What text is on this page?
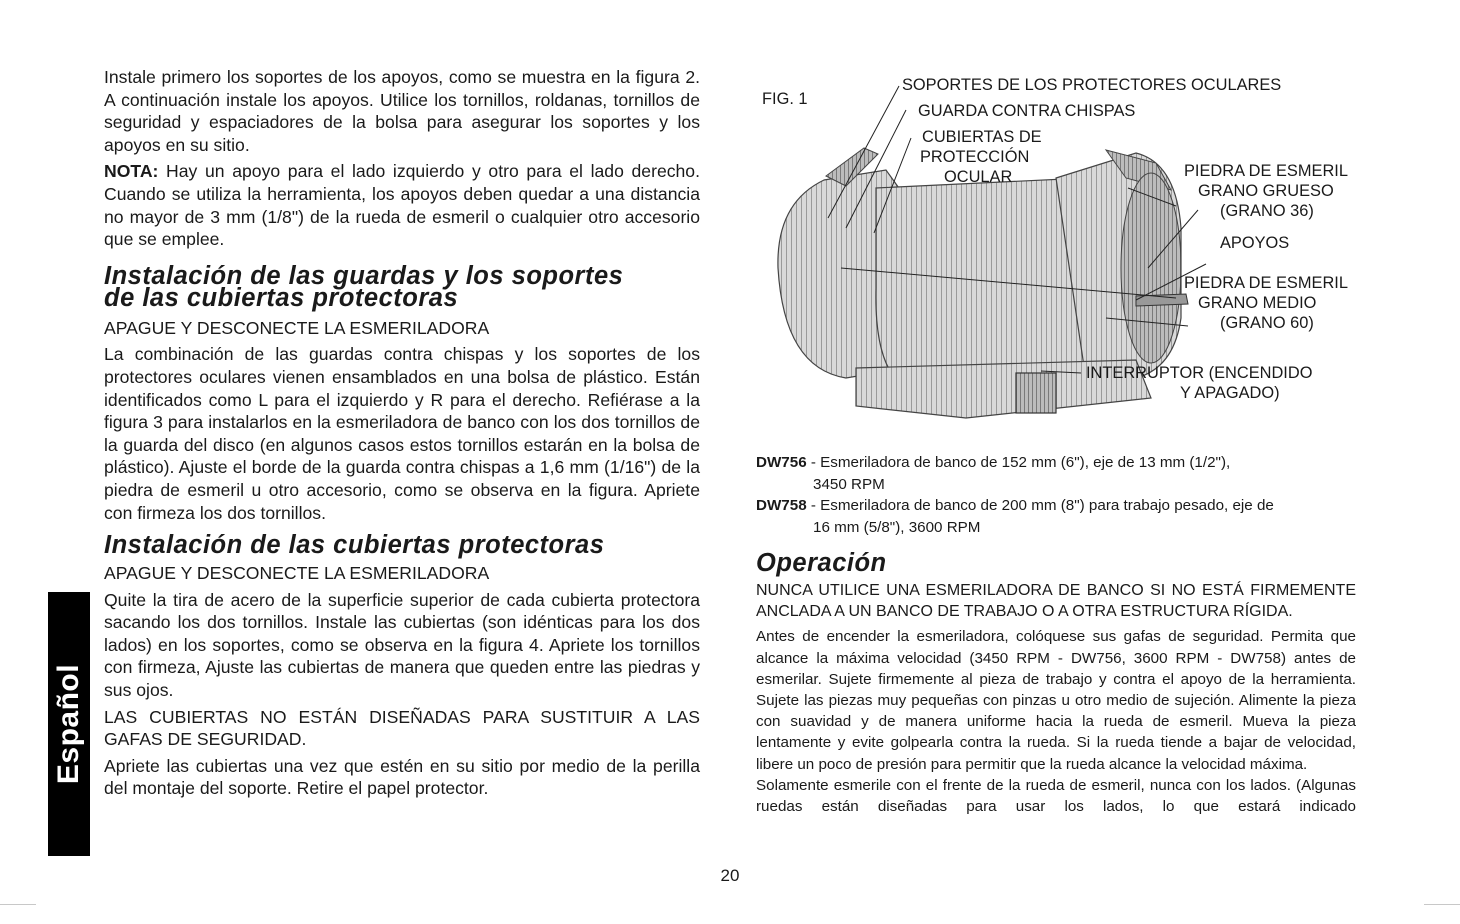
Instale primero los soportes de los apoyos, como se muestra en la figura 2. A continuación instale los apoyos. Utilice los tornillos, roldanas, tornillos de seguridad y espaciadores de la bolsa para asegurar los soportes y los apoyos en su sitio.

NOTA: Hay un apoyo para el lado izquierdo y otro para el lado derecho. Cuando se utiliza la herramienta, los apoyos deben quedar a una distancia no mayor de 3 mm (1/8") de la rueda de esmeril o cualquier otro accesorio que se emplee.

Instalación de las guardas y los soportes
de las cubiertas protectoras

APAGUE Y DESCONECTE LA ESMERILADORA

La combinación de las guardas contra chispas y los soportes de los protectores oculares vienen ensamblados en una bolsa de plástico. Están identificados como L para el izquierdo y R para el derecho. Refiérase a la figura 3 para instalarlos en la esmeriladora de banco con los dos tornillos de la guarda del disco (en algunos casos estos tornillos estarán en la bolsa de plástico). Ajuste el borde de la guarda contra chispas a 1,6 mm (1/16") de la piedra de esmeril u otro accesorio, como se observa en la figura. Apriete con firmeza los dos tornillos.

Instalación de las cubiertas protectoras

APAGUE Y DESCONECTE LA ESMERILADORA

Quite la tira de acero de la superficie superior de cada cubierta protectora sacando los dos tornillos. Instale las cubiertas (son idénticas para los dos lados) en los soportes, como se observa en la figura 4. Apriete los tornillos con firmeza, Ajuste las cubiertas de manera que queden entre las piedras y sus ojos.

LAS CUBIERTAS NO ESTÁN DISEÑADAS PARA SUSTITUIR A LAS GAFAS DE SEGURIDAD.

Apriete las cubiertas una vez que estén en su sitio por medio de la perilla del montaje del soporte. Retire el papel protector.

Español
FIG. 1
SOPORTES DE LOS PROTECTORES OCULARES
GUARDA CONTRA CHISPAS
CUBIERTAS DE
PROTECCIÓN
OCULAR	PIEDRA DE ESMERIL
GRANO GRUESO
(GRANO 36)
APOYOS
PIEDRA DE ESMERIL
GRANO MEDIO
(GRANO 60)
INTERRUPTOR (ENCENDIDO
Y APAGADO)
DW756 - Esmeriladora de banco de 152 mm (6"), eje de 13 mm (1/2"),
3450 RPM
DW758 - Esmeriladora de banco de 200 mm (8") para trabajo pesado, eje de
16 mm (5/8"), 3600 RPM
Operación

NUNCA UTILICE UNA ESMERILADORA DE BANCO SI NO ESTÁ FIRMEMENTE ANCLADA A UN BANCO DE TRABAJO O A OTRA ESTRUCTURA RÍGIDA.

Antes de encender la esmeriladora, colóquese sus gafas de seguridad. Permita que alcance la máxima velocidad (3450 RPM - DW756, 3600 RPM - DW758) antes de esmerilar. Sujete firmemente al pieza de trabajo y contra el apoyo de la herramienta. Sujete las piezas muy pequeñas con pinzas u otro medio de sujeción. Alimente la pieza con suavidad y de manera uniforme hacia la rueda de esmeril. Mueva la pieza lentamente y evite golpearla contra la rueda. Si la rueda tiende a bajar de velocidad, libere un poco de presión para permitir que la rueda alcance la velocidad máxima.

Solamente esmerile con el frente de la rueda de esmeril, nunca con los lados. (Algunas ruedas están diseñadas para usar los lados, lo que estará indicado

20
